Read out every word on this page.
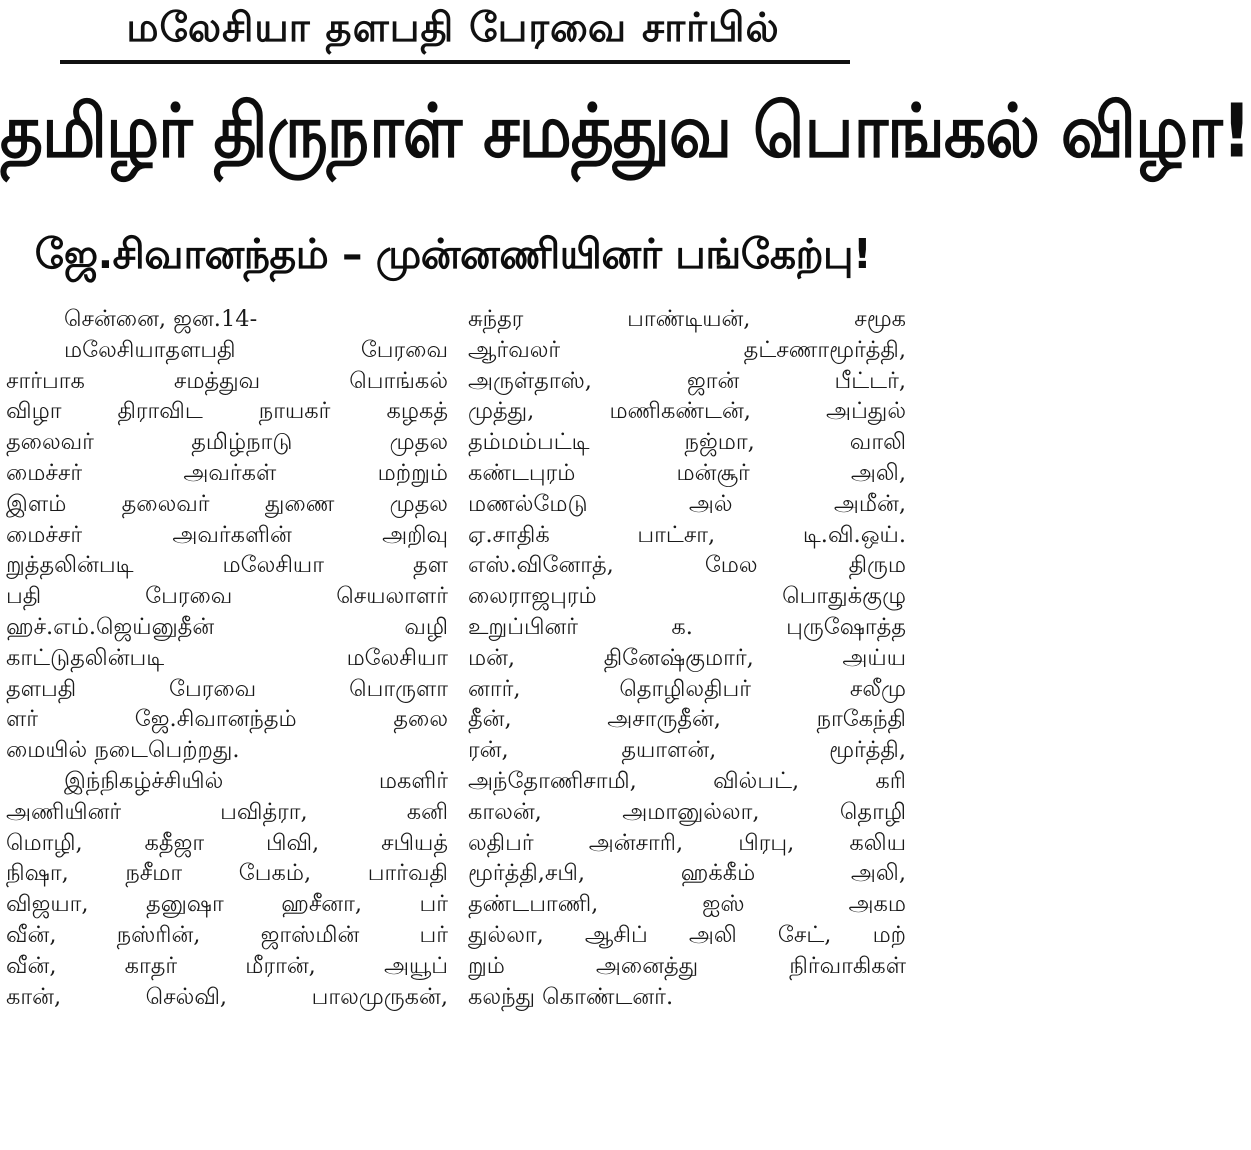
மலேசியா தளபதி பேரவை சார்பில்
தமிழர் திருநாள் சமத்துவ பொங்கல் விழா!
ஜே.சிவானந்தம் – முன்னணியினர் பங்கேற்பு!
சென்னை, ஜன.14-
மலேசியாதளபதி பேரவை
சார்பாக சமத்துவ பொங்கல்
விழா திராவிட நாயகர் கழகத்
தலைவர் தமிழ்நாடு முதல
மைச்சர் அவர்கள் மற்றும்
இளம் தலைவர் துணை முதல
மைச்சர் அவர்களின் அறிவு
றுத்தலின்படி மலேசியா தள
பதி பேரவை செயலாளர்
ஹச்.எம்.ஜெய்னுதீன் வழி
காட்டுதலின்படி மலேசியா
தளபதி பேரவை பொருளா
ளர் ஜே.சிவானந்தம் தலை
மையில் நடைபெற்றது.
இந்நிகழ்ச்சியில் மகளிர்
அணியினர் பவித்ரா, கனி
மொழி, கதீஜா பிவி, சபியத்
நிஷா, நசீமா பேகம், பார்வதி
விஜயா, தனுஷா ஹசீனா, பர்
வீன், நஸ்ரின், ஜாஸ்மின் பர்
வீன், காதர் மீரான், அயூப்
கான், செல்வி, பாலமுருகன்,
சுந்தர பாண்டியன், சமூக
ஆர்வலர் தட்சணாமூர்த்தி,
அருள்தாஸ், ஜான் பீட்டர்,
முத்து, மணிகண்டன், அப்துல்
தம்மம்பட்டி நஜ்மா, வாலி
கண்டபுரம் மன்சூர் அலி,
மணல்மேடு அல் அமீன்,
ஏ.சாதிக் பாட்சா, டி.வி.ஒய்.
எஸ்.வினோத், மேல திரும
லைராஜபுரம் பொதுக்குழு
உறுப்பினர் க. புருஷோத்த
மன், தினேஷ்குமார், அய்ய
னார், தொழிலதிபர் சலீமு
தீன், அசாருதீன், நாகேந்தி
ரன், தயாளன், மூர்த்தி,
அந்தோணிசாமி, வில்பட், கரி
காலன், அமானுல்லா, தொழி
லதிபர் அன்சாரி, பிரபு, கலிய
மூர்த்தி,சபி, ஹக்கீம் அலி,
தண்டபாணி, ஐஸ் அகம
துல்லா, ஆசிப் அலி சேட், மற்
றும் அனைத்து நிர்வாகிகள்
கலந்து கொண்டனர்.
